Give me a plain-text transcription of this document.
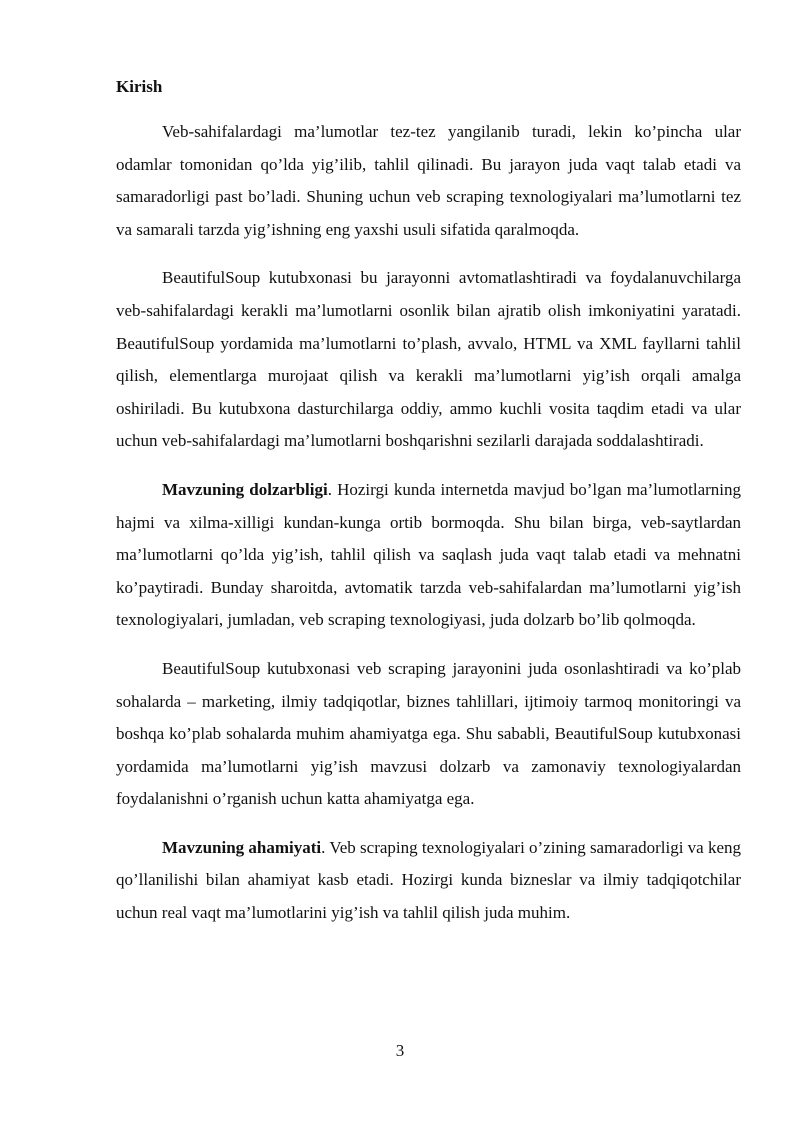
Kirish

Veb-sahifalardagi ma’lumotlar tez-tez yangilanib turadi, lekin ko’pincha ular odamlar tomonidan qo’lda yig’ilib, tahlil qilinadi. Bu jarayon juda vaqt talab etadi va samaradorligi past bo’ladi. Shuning uchun veb scraping texnologiyalari ma’lumotlarni tez va samarali tarzda yig’ishning eng yaxshi usuli sifatida qaralmoqda.

BeautifulSoup kutubxonasi bu jarayonni avtomatlashtiradi va foydalanuvchilarga veb-sahifalardagi kerakli ma’lumotlarni osonlik bilan ajratib olish imkoniyatini yaratadi. BeautifulSoup yordamida ma’lumotlarni to’plash, avvalo, HTML va XML fayllarni tahlil qilish, elementlarga murojaat qilish va kerakli ma’lumotlarni yig’ish orqali amalga oshiriladi. Bu kutubxona dasturchilarga oddiy, ammo kuchli vosita taqdim etadi va ular uchun veb-sahifalardagi ma’lumotlarni boshqarishni sezilarli darajada soddalashtiradi.

Mavzuning dolzarbligi. Hozirgi kunda internetda mavjud bo’lgan ma’lumotlarning hajmi va xilma-xilligi kundan-kunga ortib bormoqda. Shu bilan birga, veb-saytlardan ma’lumotlarni qo’lda yig’ish, tahlil qilish va saqlash juda vaqt talab etadi va mehnatni ko’paytiradi. Bunday sharoitda, avtomatik tarzda veb-sahifalardan ma’lumotlarni yig’ish texnologiyalari, jumladan, veb scraping texnologiyasi, juda dolzarb bo’lib qolmoqda.

BeautifulSoup kutubxonasi veb scraping jarayonini juda osonlashtiradi va ko’plab sohalarda – marketing, ilmiy tadqiqotlar, biznes tahlillari, ijtimoiy tarmoq monitoringi va boshqa ko’plab sohalarda muhim ahamiyatga ega. Shu sababli, BeautifulSoup kutubxonasi yordamida ma’lumotlarni yig’ish mavzusi dolzarb va zamonaviy texnologiyalardan foydalanishni o’rganish uchun katta ahamiyatga ega.

Mavzuning ahamiyati. Veb scraping texnologiyalari o’zining samaradorligi va keng qo’llanilishi bilan ahamiyat kasb etadi. Hozirgi kunda bizneslar va ilmiy tadqiqotchilar uchun real vaqt ma’lumotlarini yig’ish va tahlil qilish juda muhim.

3
